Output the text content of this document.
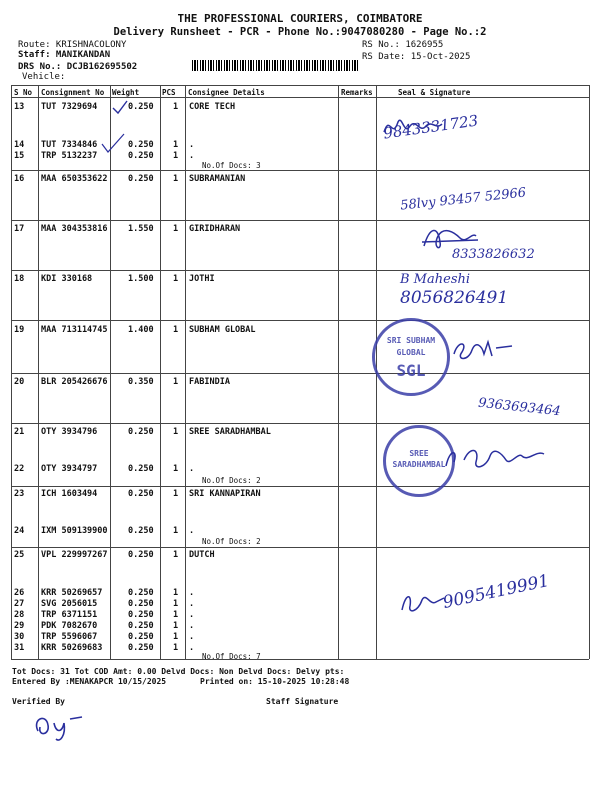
THE PROFESSIONAL COURIERS, COIMBATORE
Delivery Runsheet - PCR - Phone No.:9047080280 - Page No.:2
Route: KRISHNACOLONY
Staff: MANIKANDAN
DRS No.: DCJB162695502
Vehicle:
RS No.: 1626955
RS Date: 15-Oct-2025
S No Consignment No Weight	PCS Consignee Details	Remarks	Seal & Signature
13 TUT 7329694	0.250 1 CORE TECH
14 TUT 7334846	0.250 1 .
15 TRP 5132237	0.250 1 .
No.Of Docs: 3
16 MAA 650353622 0.250 1 SUBRAMANIAN
17 MAA 304353816 1.550 1 GIRIDHARAN
18 KDI 330168	1.500 1 JOTHI
19 MAA 713114745 1.400 1 SUBHAM GLOBAL
20 BLR 205426676 0.350 1 FABINDIA
21 OTY 3934796	0.250 1 SREE SARADHAMBAL
22 OTY 3934797	0.250 1 .
No.Of Docs: 2
23 ICH 1603494	0.250 1 SRI KANNAPIRAN
24 IXM 509139900 0.250 1 .
No.Of Docs: 2
25 VPL 229997267 0.250 1 DUTCH
26 KRR 50269657	0.250 1 .
27 SVG 2056015	0.250 1 .
28 TRP 6371151	0.250 1 .
29 PDK 7082670	0.250 1 .
30 TRP 5596067	0.250 1 .
31 KRR 50269683	0.250 1 .
No.Of Docs: 7
9843331723
58lvy 93457 52966
8333826632
B Maheshi
8056826491
9363693464
9095419991
SRI SUBHAM GLOBAL
SGL
SREE SARADHAMBAL
Tot Docs: 31 Tot COD Amt: 0.00 Delvd Docs: Non Delvd Docs: Delvy pts:
Entered By :MENAKAPCR 10/15/2025	Printed on: 15-10-2025 10:28:48
Verified By	Staff Signature
